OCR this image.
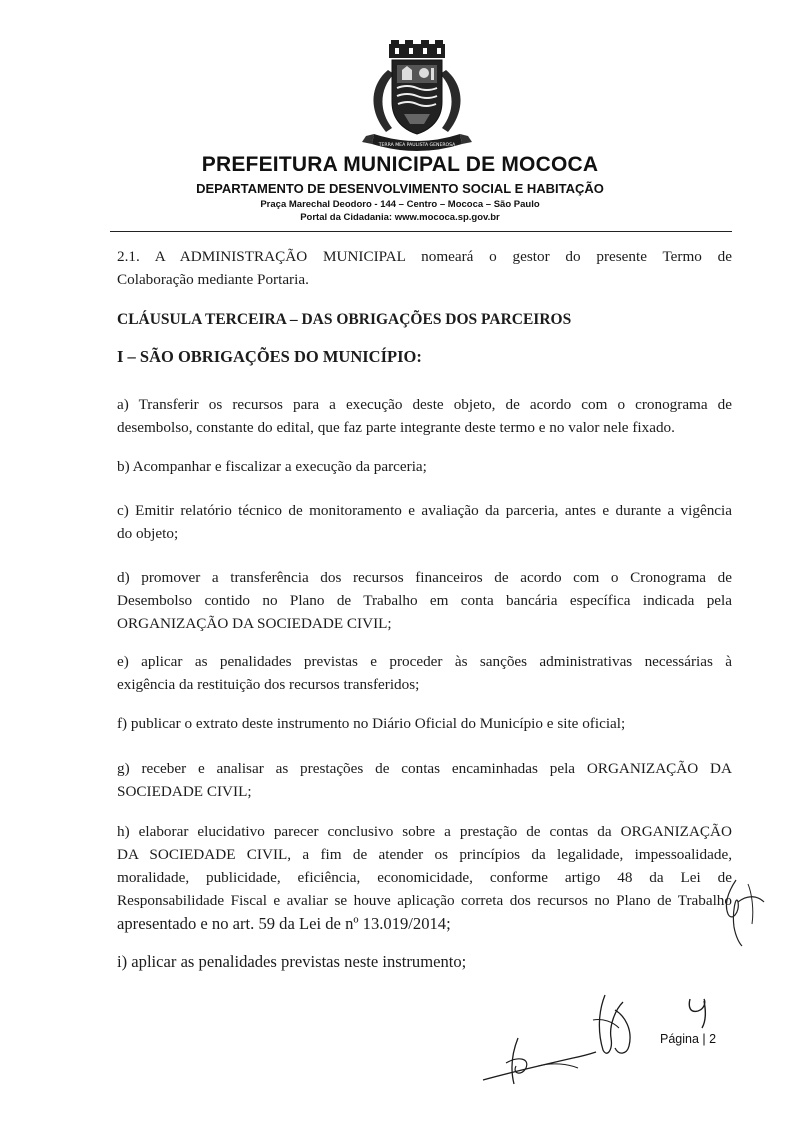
TERRA MEA PAULISTA GENEROSA
PREFEITURA MUNICIPAL DE MOCOCA
DEPARTAMENTO DE DESENVOLVIMENTO SOCIAL E HABITAÇÃO
Praça Marechal Deodoro - 144 – Centro – Mococa – São Paulo
Portal da Cidadania: www.mococa.sp.gov.br
2.1. A ADMINISTRAÇÃO MUNICIPAL nomeará o gestor do presente Termo de
Colaboração mediante Portaria.
CLÁUSULA TERCEIRA – DAS OBRIGAÇÕES DOS PARCEIROS
I – SÃO OBRIGAÇÕES DO MUNICÍPIO:
a) Transferir os recursos para a execução deste objeto, de acordo com o cronograma de
desembolso, constante do edital, que faz parte integrante deste termo e no valor nele fixado.
b) Acompanhar e fiscalizar a execução da parceria;
c) Emitir relatório técnico de monitoramento e avaliação da parceria, antes e durante a vigência
do objeto;
d) promover a transferência dos recursos financeiros de acordo com o Cronograma de
Desembolso contido no Plano de Trabalho em conta bancária específica indicada pela
ORGANIZAÇÃO DA SOCIEDADE CIVIL;
e) aplicar as penalidades previstas e proceder às sanções administrativas necessárias à
exigência da restituição dos recursos transferidos;
f) publicar o extrato deste instrumento no Diário Oficial do Município e site oficial;
g) receber e analisar as prestações de contas encaminhadas pela ORGANIZAÇÃO DA
SOCIEDADE CIVIL;
h) elaborar elucidativo parecer conclusivo sobre a prestação de contas da ORGANIZAÇÃO
DA SOCIEDADE CIVIL, a fim de atender os princípios da legalidade, impessoalidade,
moralidade, publicidade, eficiência, economicidade, conforme artigo 48 da Lei de
Responsabilidade Fiscal e avaliar se houve aplicação correta dos recursos no Plano de Trabalho
apresentado e no art. 59 da Lei de nº 13.019/2014;
i) aplicar as penalidades previstas neste instrumento;
Página | 2
